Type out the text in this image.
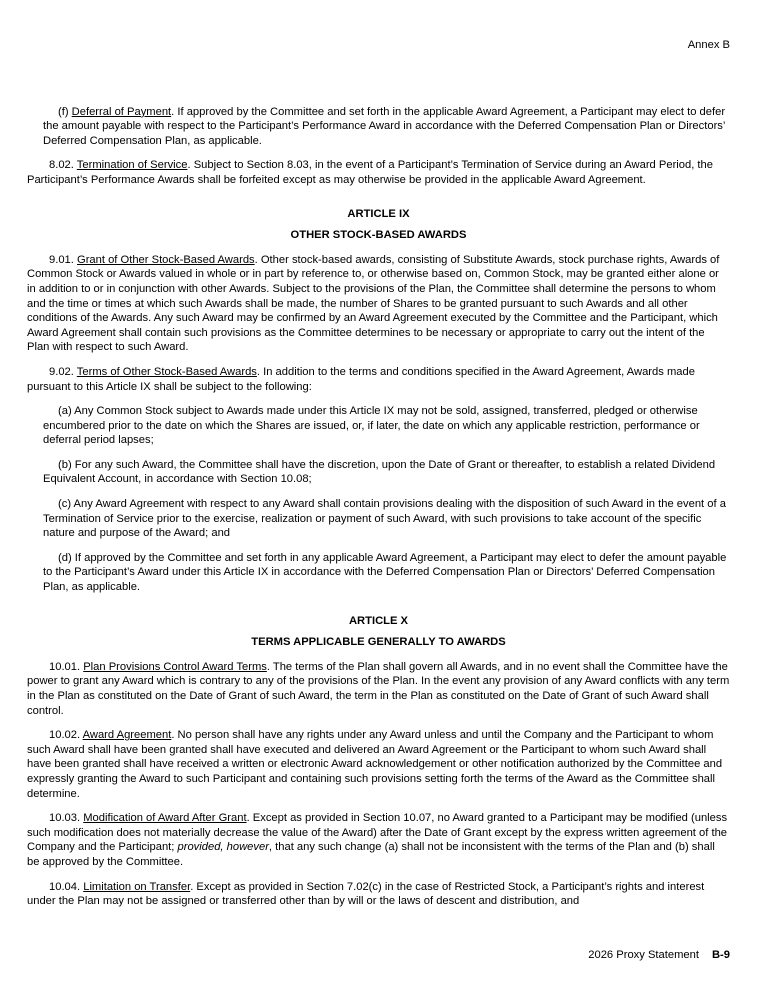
Annex B

(f) Deferral of Payment. If approved by the Committee and set forth in the applicable Award Agreement, a Participant may elect to defer the amount payable with respect to the Participant’s Performance Award in accordance with the Deferred Compensation Plan or Directors’ Deferred Compensation Plan, as applicable.

8.02. Termination of Service. Subject to Section 8.03, in the event of a Participant’s Termination of Service during an Award Period, the Participant’s Performance Awards shall be forfeited except as may otherwise be provided in the applicable Award Agreement.

ARTICLE IX
OTHER STOCK-BASED AWARDS

9.01. Grant of Other Stock-Based Awards. Other stock-based awards, consisting of Substitute Awards, stock purchase rights, Awards of Common Stock or Awards valued in whole or in part by reference to, or otherwise based on, Common Stock, may be granted either alone or in addition to or in conjunction with other Awards. Subject to the provisions of the Plan, the Committee shall determine the persons to whom and the time or times at which such Awards shall be made, the number of Shares to be granted pursuant to such Awards and all other conditions of the Awards. Any such Award may be confirmed by an Award Agreement executed by the Committee and the Participant, which Award Agreement shall contain such provisions as the Committee determines to be necessary or appropriate to carry out the intent of the Plan with respect to such Award.

9.02. Terms of Other Stock-Based Awards. In addition to the terms and conditions specified in the Award Agreement, Awards made pursuant to this Article IX shall be subject to the following:

(a) Any Common Stock subject to Awards made under this Article IX may not be sold, assigned, transferred, pledged or otherwise encumbered prior to the date on which the Shares are issued, or, if later, the date on which any applicable restriction, performance or deferral period lapses;

(b) For any such Award, the Committee shall have the discretion, upon the Date of Grant or thereafter, to establish a related Dividend Equivalent Account, in accordance with Section 10.08;

(c) Any Award Agreement with respect to any Award shall contain provisions dealing with the disposition of such Award in the event of a Termination of Service prior to the exercise, realization or payment of such Award, with such provisions to take account of the specific nature and purpose of the Award; and

(d) If approved by the Committee and set forth in any applicable Award Agreement, a Participant may elect to defer the amount payable to the Participant’s Award under this Article IX in accordance with the Deferred Compensation Plan or Directors’ Deferred Compensation Plan, as applicable.

ARTICLE X
TERMS APPLICABLE GENERALLY TO AWARDS

10.01. Plan Provisions Control Award Terms. The terms of the Plan shall govern all Awards, and in no event shall the Committee have the power to grant any Award which is contrary to any of the provisions of the Plan. In the event any provision of any Award conflicts with any term in the Plan as constituted on the Date of Grant of such Award, the term in the Plan as constituted on the Date of Grant of such Award shall control.

10.02. Award Agreement. No person shall have any rights under any Award unless and until the Company and the Participant to whom such Award shall have been granted shall have executed and delivered an Award Agreement or the Participant to whom such Award shall have been granted shall have received a written or electronic Award acknowledgement or other notification authorized by the Committee and expressly granting the Award to such Participant and containing such provisions setting forth the terms of the Award as the Committee shall determine.

10.03. Modification of Award After Grant. Except as provided in Section 10.07, no Award granted to a Participant may be modified (unless such modification does not materially decrease the value of the Award) after the Date of Grant except by the express written agreement of the Company and the Participant; provided, however, that any such change (a) shall not be inconsistent with the terms of the Plan and (b) shall be approved by the Committee.

10.04. Limitation on Transfer. Except as provided in Section 7.02(c) in the case of Restricted Stock, a Participant’s rights and interest under the Plan may not be assigned or transferred other than by will or the laws of descent and distribution, and

2026 Proxy Statement B-9
